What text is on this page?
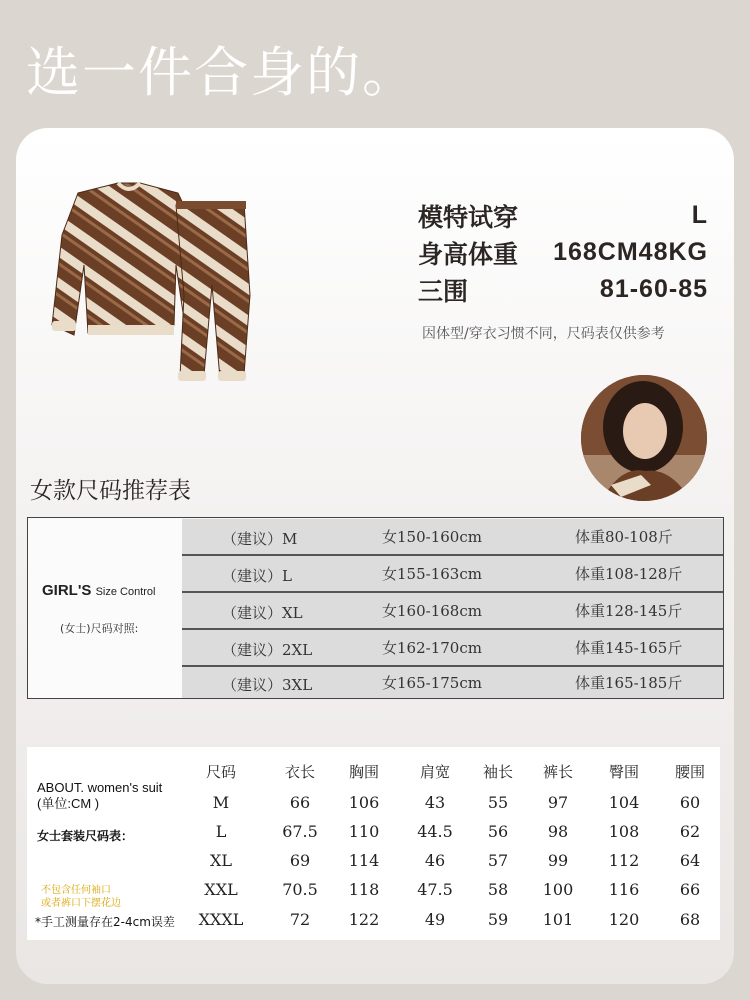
选一件合身的。
模特试穿	L
身高体重 168CM48KG
三围	81-60-85
因体型/穿衣习惯不同，尺码表仅供参考
女款尺码推荐表
GIRL'S Size Control
(女士)尺码对照:
（建议）M	女150-160cm	体重80-108斤
（建议）L	女155-163cm	体重108-128斤
（建议）XL	女160-168cm	体重128-145斤
（建议）2XL	女162-170cm	体重145-165斤
（建议）3XL	女165-175cm	体重165-185斤
ABOUT. women's suit
(单位:CM )
女士套装尺码表：
不包含任何袖口
或者裤口下摆花边
*手工测量存在2-4cm误差
尺码	衣长 胸围	肩宽 袖长 裤长 臀围 腰围
M	66 106	43	55 97	104	60
L	67.5 110 44.5 56 98	108	62
XL	69 114	46	57 99	112	64
XXL	70.5 118 47.5 58 100 116	66
XXXL	72 122	49	59 101 120	68
